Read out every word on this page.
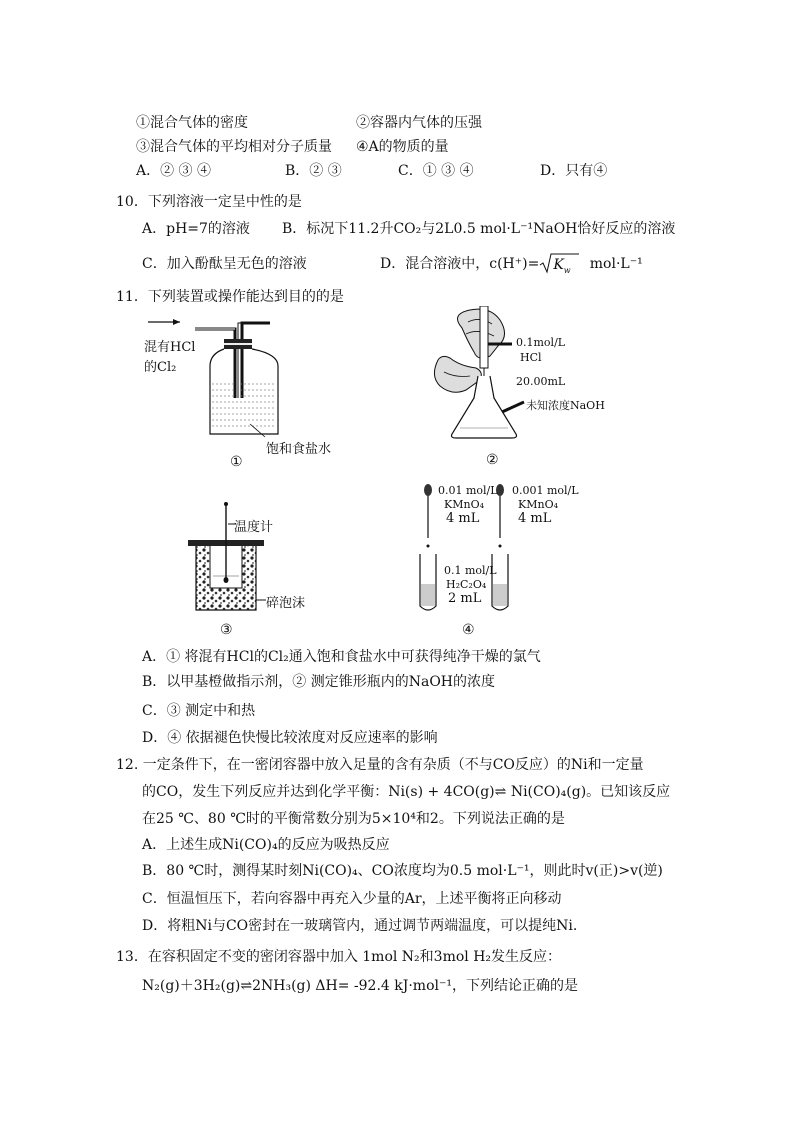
①混合气体的密度	②容器内气体的压强
③混合气体的平均相对分子质量 ④A的物质的量
A．② ③ ④	B．② ③	C．① ③ ④	D．只有④
10．下列溶液一定呈中性的是
A．pH=7的溶液 B．标况下11.2升CO₂与2L0.5 mol·L⁻¹NaOH恰好反应的溶液
C．加入酚酞呈无色的溶液	D．混合溶液中，$c(H^+)= K_w$ mol·L⁻¹
11．下列装置或操作能达到目的的是
混有HCl
的Cl₂
饱和食盐水
①
0.1mol/L
HCl
20.00mL
未知浓度NaOH
②
温度计
碎泡沫
③
0.01 mol/L
KMnO₄
4 mL
0.001 mol/L
KMnO₄
4 mL
0.1 mol/L
H₂C₂O₄
2 mL
④
A．① 将混有HCl的Cl₂通入饱和食盐水中可获得纯净干燥的氯气
B．以甲基橙做指示剂，② 测定锥形瓶内的NaOH的浓度
C．③ 测定中和热
D．④ 依据褪色快慢比较浓度对反应速率的影响
12. 一定条件下，在一密闭容器中放入足量的含有杂质（不与CO反应）的Ni和一定量
的CO，发生下列反应并达到化学平衡：Ni(s) + 4CO(g)⇌ Ni(CO)₄(g)。已知该反应
在25 ℃、80 ℃时的平衡常数分别为5×10⁴和2。下列说法正确的是
A．上述生成Ni(CO)₄的反应为吸热反应
B．80 ℃时，测得某时刻Ni(CO)₄、CO浓度均为0.5 mol·L⁻¹，则此时v(正)>v(逆)
C．恒温恒压下，若向容器中再充入少量的Ar，上述平衡将正向移动
D．将粗Ni与CO密封在一玻璃管内，通过调节两端温度，可以提纯Ni.
13．在容积固定不变的密闭容器中加入 1mol N₂和3mol H₂发生反应：
N₂(g)＋3H₂(g)⇌2NH₃(g) ΔH= -92.4 kJ·mol⁻¹，下列结论正确的是
